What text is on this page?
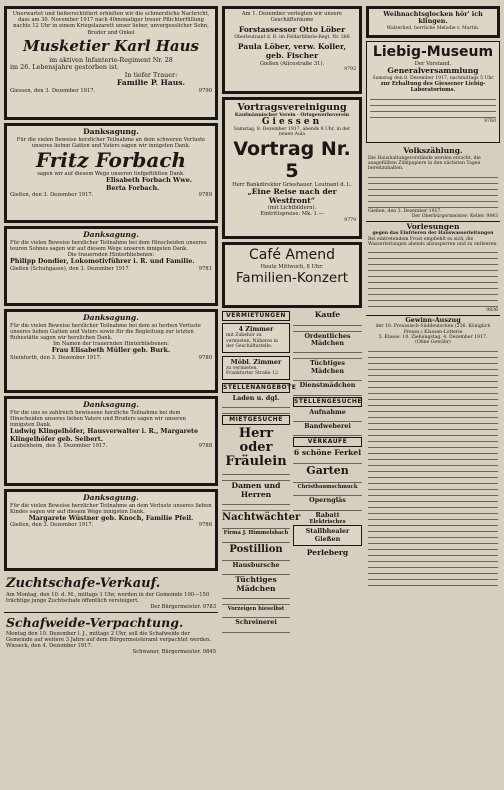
Unerwartet und tiefeerschüttert erhielten wir die schmerzliche Nachricht, dass am 30. November 1917 nach 40monatiger treuer Pflichterfüllung nachts 12 Uhr in einem Kriegslazarett unser lieber, unvergesslicher Sohn, Bruder und Onkel
Musketier Karl Haus
im aktiven Infanterie-Regiment Nr. 28
im 26. Lebensjahre gestorben ist.
In tiefer Trauer:
Familie P. Haus.
Giessen, den 3. Dezember 1917.	9790
Danksagung.
Für die vielen Beweise herzlicher Teilnahme an dem schweren Verluste unseres lieben Gatten und Vaters sagen wir innigsten Dank.
Fritz Forbach
sagen wir auf diesem Wege unseren tiefgefühlten Dank.
Elisabeth Forbach Wwe.
Berta Forbach.
Gießen, den 3. Dezember 1917.	9789
Danksagung.
Für die vielen Beweise herzlicher Teilnahme bei dem Hinscheiden unseres teuren Sohnes sagen wir auf diesem Wege unseren innigsten Dank.
Die trauernden Hinterbliebenen:
Philipp Dondier, Lokomotivführer i. R. und Familie.
Gießen (Schuhgasse), den 3. Dezember 1917.	9781
Danksagung.
Für die vielen Beweise herzlicher Teilnahme bei dem so herben Verluste unseres lieben Gatten und Vaters sowie für die Begleitung zur letzten Ruhestätte sagen wir herzlichen Dank.
Im Namen der trauernden Hinterbliebenen:
Frau Elisabeth Müller geb. Burk.
Steinfurth, den 3. Dezember 1917.	9780
Danksagung.
Für die uns so zahlreich bewiesene herzliche Teilnahme bei dem Hinscheiden unseres lieben Vaters und Bruders sagen wir unseren innigsten Dank.
Ludwig Klingelhöfer, Hausverwalter i. R., Margarete Klingelhöfer geb. Seibert.
Laubenheim, den 3. Dezember 1917.	9788
Danksagung.
Für die vielen Beweise herzlicher Teilnahme an dem Verluste unseres lieben Kindes sagen wir auf diesem Wege innigsten Dank.
Margarete Wüstner geb. Knoch, Familie Pfeil.
Gießen, den 3. Dezember 1917.	9786
Zuchtschafe-Verkauf.
Am Montag, den 10. d. M., mittags 1 Uhr, werden in der Gemeinde 100—150 trächtige junge Zuchtschafe öffentlich versteigert.
Der Bürgermeister. 9783
Schafweide-Verpachtung.
Montag den 10. Dezember l. J., mittags 2 Uhr, soll die Schafweide der Gemeinde auf weitere 3 Jahre auf dem Bürgermeisteramt verpachtet werden.
Wieseck, den 4. Dezember 1917.
Schwaner, Bürgermeister. 9845
Am 1. Dezember verlegten wir unsere Geschäftsräume
Forstassessor Otto Löber
Oberleutnant d. R. im Feldartillerie-Regt. Nr. 266
Paula Löber, verw. Koller, geb. Fischer
Gießen (Alicestraße 31).
9792
Vortragsvereinigung
Kaufmännischer Verein · Ortsgewerbeverein
Giessen
Samstag, 8. Dezember 1917, abends 8 Uhr, in der neuen Aula
Vortrag Nr. 5
Herr Bankdirektor Grieshauer, Leutnant d. L.
„Eine Reise nach der Westfront“
(mit Lichtbildern).
Eintrittspreise: Mk. 1.—
9779
Café Amend
Heute Mittwoch, 8 Uhr:
Familien-Konzert
VERMIETUNGEN
4 Zimmer
mit Zubehör zu vermieten. Näheres in der Geschäftsstelle.
Möbl. Zimmer
zu vermieten. Frankfurter Straße 12.
STELLENANGEBOTE
Laden u. dgl.
MIETGESUCHE
Herr oder Fräulein
Damen und Herren
Nachtwächter
Firma J. Himmelsbach
Postillion
Hausbursche
Tüchtiges Mädchen
Vorzeigen hieselbst
Schreinerei
Kaufe
Ordentliches Mädchen
Tüchtiges Mädchen
Dienstmädchen
STELLENGESUCHE
Aufnahme
Bandweberei
VERKÄUFE
6 schöne Ferkel
Garten
Christbaumschmuck
Operngläs
Rabatt
Elektrisches
Stallbhealer Gießen
Perleberg
Weihnachtsglocken hör' ich klingen.
Walzerlied, herrliche Melodie v. Martin.
Liebig-Museum
Der Vorstand.
Generalversammlung
Samstag den 8. Dezember 1917, nachmittags 5 Uhr
zur Erhaltung des Giessener Liebig-Laboratoriums.
9760
Volkszählung.
Die Haushaltungsvorstände werden ersucht, die ausgefüllten Zählpapiere in den nächsten Tagen bereitzuhalten.
Gießen, den 3. Dezember 1917.
Der Oberbürgermeister: Keller. 9843
Vorlesungen
gegen das Einfrieren der Hauswasserleitungen
Bei eintretendem Frost empfiehlt es sich, die Wasserleitungen abends abzusperren und zu entleeren.
9836
Gewinn-Auszug
der 10. Preussisch-Süddeutschen (236. Königlich Preuss.) Klassen-Lotterie
5. Klasse. 10. Ziehungstag. 4. Dezember 1917.
(Ohne Gewähr)
